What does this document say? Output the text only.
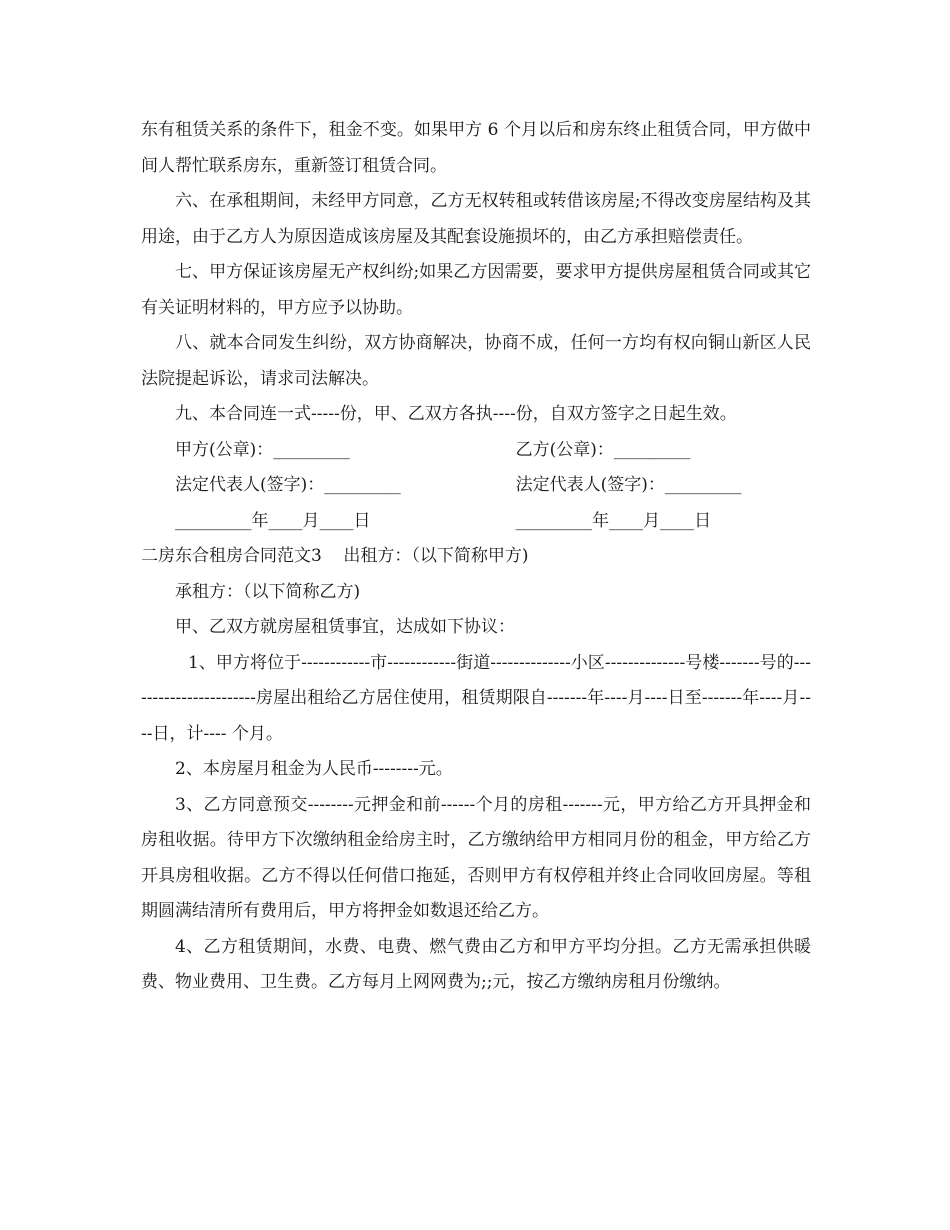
东有租赁关系的条件下，租金不变。如果甲方 6 个月以后和房东终止租赁合同，甲方做中间人帮忙联系房东，重新签订租赁合同。

六、在承租期间，未经甲方同意，乙方无权转租或转借该房屋;不得改变房屋结构及其用途，由于乙方人为原因造成该房屋及其配套设施损坏的，由乙方承担赔偿责任。

七、甲方保证该房屋无产权纠纷;如果乙方因需要，要求甲方提供房屋租赁合同或其它有关证明材料的，甲方应予以协助。

八、就本合同发生纠纷，双方协商解决，协商不成，任何一方均有权向铜山新区人民法院提起诉讼，请求司法解决。

九、本合同连一式-----份，甲、乙双方各执----份，自双方签字之日起生效。

甲方(公章)：_________	乙方(公章)：_________
法定代表人(签字)：_________	法定代表人(签字)：_________
_________年____月____日	_________年____月____日
二房东合租房合同范文3    出租方：（以下简称甲方)

承租方：（以下简称乙方)

甲、乙双方就房屋租赁事宜，达成如下协议：

1、甲方将位于------------市------------街道--------------小区--------------号楼-------号的-----------------------房屋出租给乙方居住使用，租赁期限自-------年----月----日至-------年----月----日，计---- 个月。

2、本房屋月租金为人民币--------元。

3、乙方同意预交--------元押金和前------个月的房租-------元，甲方给乙方开具押金和房租收据。待甲方下次缴纳租金给房主时，乙方缴纳给甲方相同月份的租金，甲方给乙方开具房租收据。乙方不得以任何借口拖延，否则甲方有权停租并终止合同收回房屋。等租期圆满结清所有费用后，甲方将押金如数退还给乙方。

4、乙方租赁期间，水费、电费、燃气费由乙方和甲方平均分担。乙方无需承担供暖费、物业费用、卫生费。乙方每月上网网费为;;元，按乙方缴纳房租月份缴纳。
